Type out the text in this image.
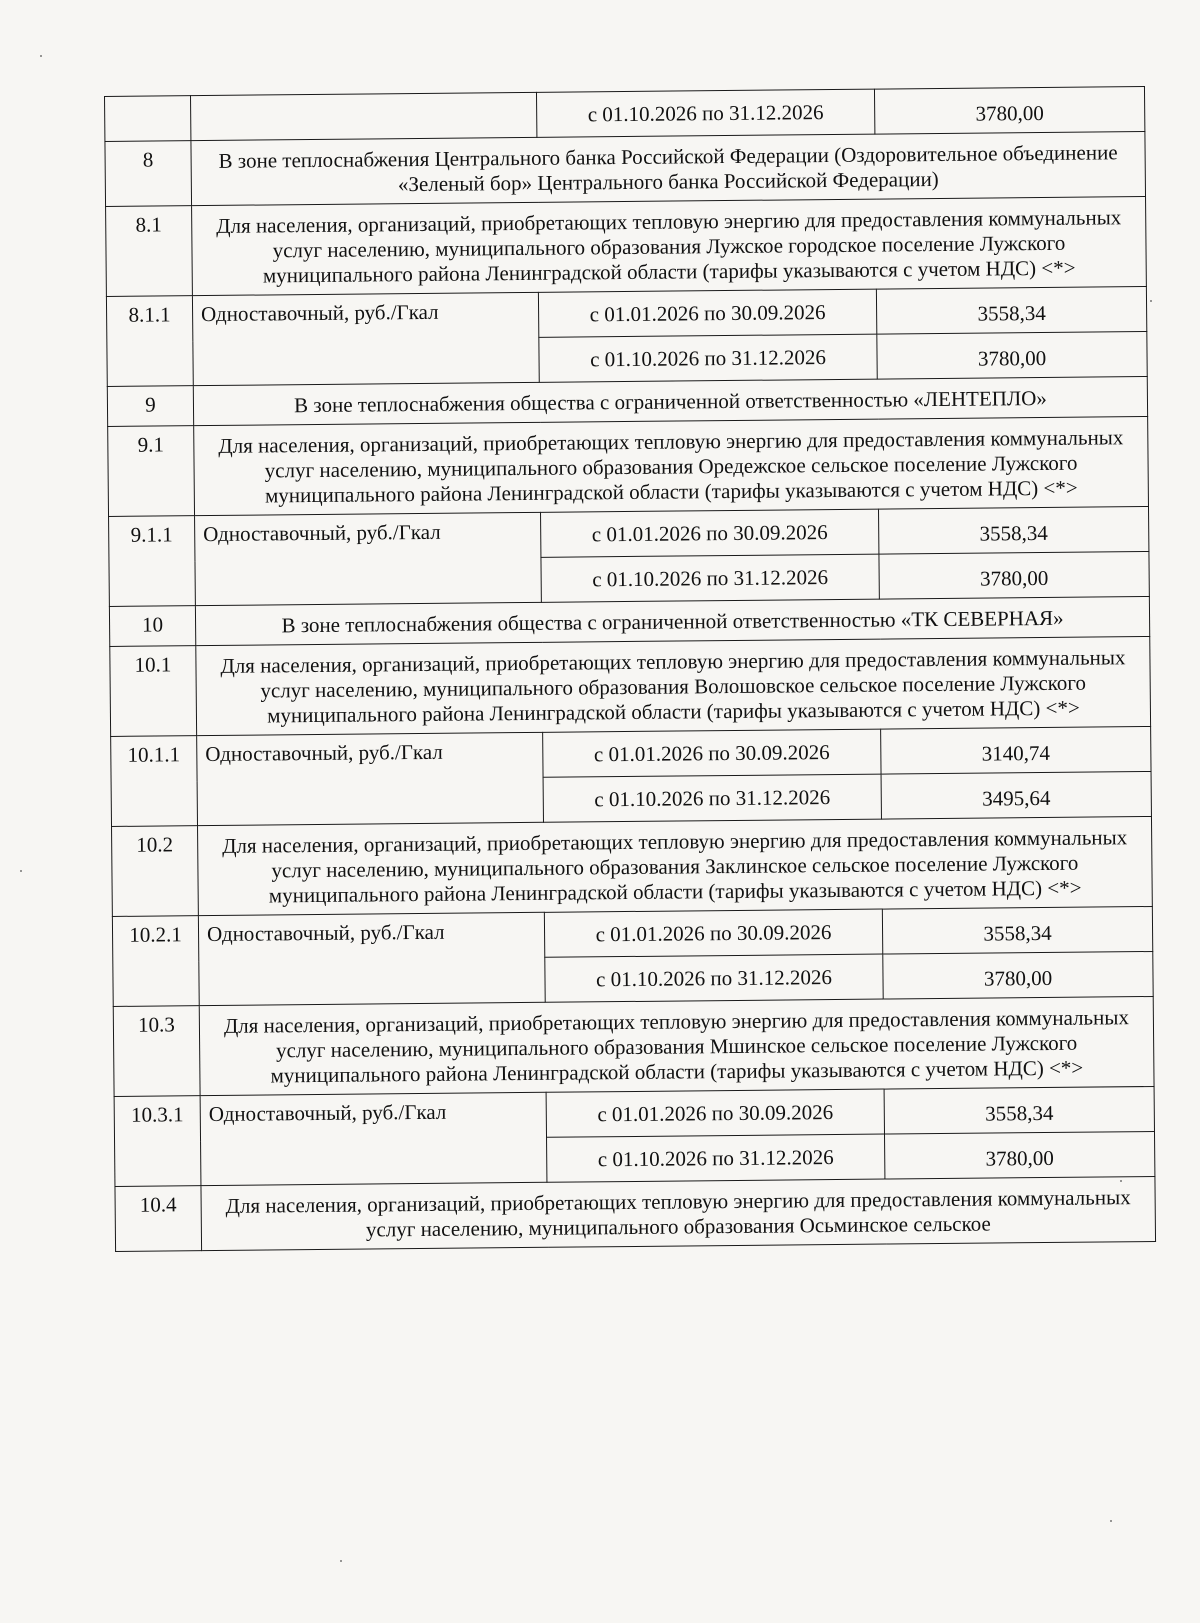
		с 01.10.2026 по 31.12.2026	3780,00
8	В зоне теплоснабжения Центрального банка Российской Федерации (Оздоровительное объединение «Зеленый бор» Центрального банка Российской Федерации)		
8.1	Для населения, организаций, приобретающих тепловую энергию для предоставления коммунальных услуг населению, муниципального образования Лужское городское поселение Лужского муниципального района Ленинградской области (тарифы указываются с учетом НДС) <*>		
8.1.1	Одноставочный, руб./Гкал	с 01.01.2026 по 30.09.2026	3558,34
		с 01.10.2026 по 31.12.2026	3780,00
9	В зоне теплоснабжения общества с ограниченной ответственностью «ЛЕНТЕПЛО»		
9.1	Для населения, организаций, приобретающих тепловую энергию для предоставления коммунальных услуг населению, муниципального образования Оредежское сельское поселение Лужского муниципального района Ленинградской области (тарифы указываются с учетом НДС) <*>		
9.1.1	Одноставочный, руб./Гкал	с 01.01.2026 по 30.09.2026	3558,34
		с 01.10.2026 по 31.12.2026	3780,00
10	В зоне теплоснабжения общества с ограниченной ответственностью «ТК СЕВЕРНАЯ»		
10.1	Для населения, организаций, приобретающих тепловую энергию для предоставления коммунальных услуг населению, муниципального образования Волошовское сельское поселение Лужского муниципального района Ленинградской области (тарифы указываются с учетом НДС) <*>		
10.1.1	Одноставочный, руб./Гкал	с 01.01.2026 по 30.09.2026	3140,74
		с 01.10.2026 по 31.12.2026	3495,64
10.2	Для населения, организаций, приобретающих тепловую энергию для предоставления коммунальных услуг населению, муниципального образования Заклинское сельское поселение Лужского муниципального района Ленинградской области (тарифы указываются с учетом НДС) <*>		
10.2.1	Одноставочный, руб./Гкал	с 01.01.2026 по 30.09.2026	3558,34
		с 01.10.2026 по 31.12.2026	3780,00
10.3	Для населения, организаций, приобретающих тепловую энергию для предоставления коммунальных услуг населению, муниципального образования Мшинское сельское поселение Лужского муниципального района Ленинградской области (тарифы указываются с учетом НДС) <*>		
10.3.1	Одноставочный, руб./Гкал	с 01.01.2026 по 30.09.2026	3558,34
		с 01.10.2026 по 31.12.2026	3780,00
10.4	Для населения, организаций, приобретающих тепловую энергию для предоставления коммунальных услуг населению, муниципального образования Осьминское сельское		
